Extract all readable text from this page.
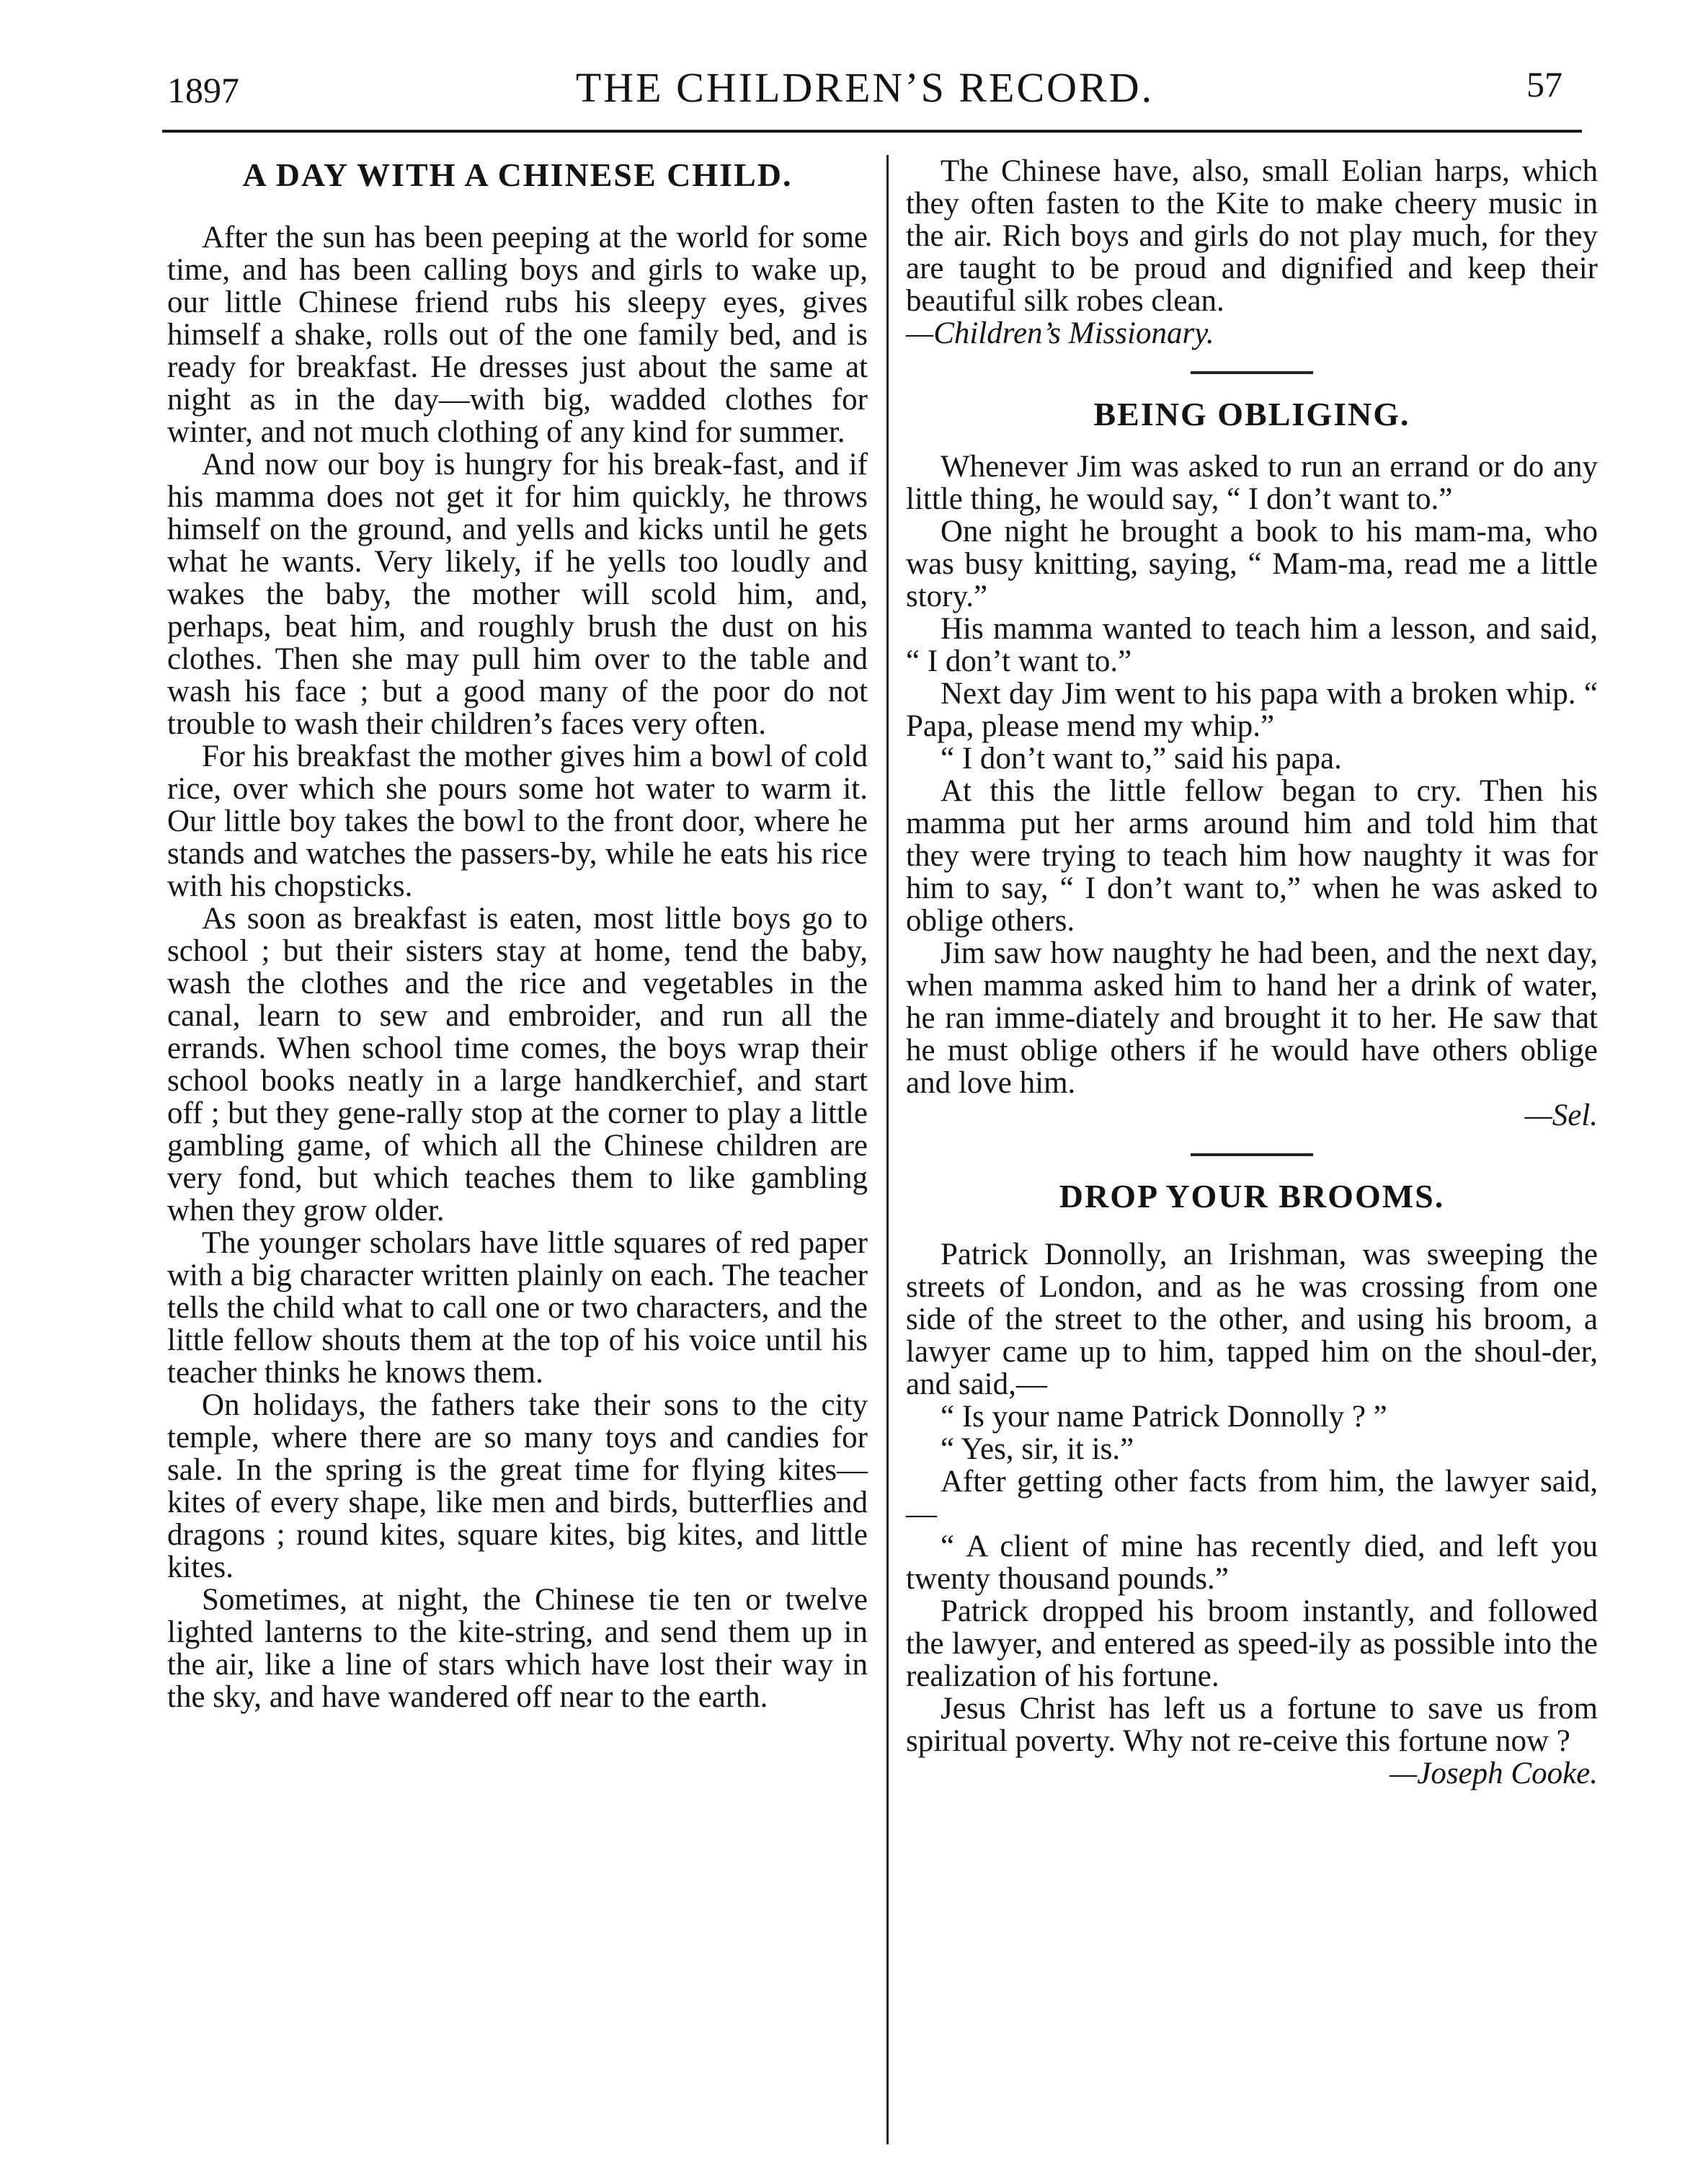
1897	THE CHILDREN’S RECORD.	57
A DAY WITH A CHINESE CHILD.

After the sun has been peeping at the world for some time, and has been calling boys and girls to wake up, our little Chinese friend rubs his sleepy eyes, gives himself a shake, rolls out of the one family bed, and is ready for breakfast. He dresses just about the same at night as in the day—with big, wadded clothes for winter, and not much clothing of any kind for summer.

And now our boy is hungry for his break-fast, and if his mamma does not get it for him quickly, he throws himself on the ground, and yells and kicks until he gets what he wants. Very likely, if he yells too loudly and wakes the baby, the mother will scold him, and, perhaps, beat him, and roughly brush the dust on his clothes. Then she may pull him over to the table and wash his face ; but a good many of the poor do not trouble to wash their children’s faces very often.

For his breakfast the mother gives him a bowl of cold rice, over which she pours some hot water to warm it. Our little boy takes the bowl to the front door, where he stands and watches the passers-by, while he eats his rice with his chopsticks.

As soon as breakfast is eaten, most little boys go to school ; but their sisters stay at home, tend the baby, wash the clothes and the rice and vegetables in the canal, learn to sew and embroider, and run all the errands. When school time comes, the boys wrap their school books neatly in a large handkerchief, and start off ; but they gene-rally stop at the corner to play a little gambling game, of which all the Chinese children are very fond, but which teaches them to like gambling when they grow older.

The younger scholars have little squares of red paper with a big character written plainly on each. The teacher tells the child what to call one or two characters, and the little fellow shouts them at the top of his voice until his teacher thinks he knows them.

On holidays, the fathers take their sons to the city temple, where there are so many toys and candies for sale. In the spring is the great time for flying kites—kites of every shape, like men and birds, butterflies and dragons ; round kites, square kites, big kites, and little kites.

Sometimes, at night, the Chinese tie ten or twelve lighted lanterns to the kite-string, and send them up in the air, like a line of stars which have lost their way in the sky, and have wandered off near to the earth.

The Chinese have, also, small Eolian harps, which they often fasten to the Kite to make cheery music in the air. Rich boys and girls do not play much, for they are taught to be proud and dignified and keep their beautiful silk robes clean.

—Children’s Missionary.

BEING OBLIGING.

Whenever Jim was asked to run an errand or do any little thing, he would say, “ I don’t want to.”

One night he brought a book to his mam-ma, who was busy knitting, saying, “ Mam-ma, read me a little story.”

His mamma wanted to teach him a lesson, and said, “ I don’t want to.”

Next day Jim went to his papa with a broken whip. “ Papa, please mend my whip.”

“ I don’t want to,” said his papa.

At this the little fellow began to cry. Then his mamma put her arms around him and told him that they were trying to teach him how naughty it was for him to say, “ I don’t want to,” when he was asked to oblige others.

Jim saw how naughty he had been, and the next day, when mamma asked him to hand her a drink of water, he ran imme-diately and brought it to her. He saw that he must oblige others if he would have others oblige and love him.

—Sel.

DROP YOUR BROOMS.

Patrick Donnolly, an Irishman, was sweeping the streets of London, and as he was crossing from one side of the street to the other, and using his broom, a lawyer came up to him, tapped him on the shoul-der, and said,—

“ Is your name Patrick Donnolly ? ”

“ Yes, sir, it is.”

After getting other facts from him, the lawyer said,—

“ A client of mine has recently died, and left you twenty thousand pounds.”

Patrick dropped his broom instantly, and followed the lawyer, and entered as speed-ily as possible into the realization of his fortune.

Jesus Christ has left us a fortune to save us from spiritual poverty. Why not re-ceive this fortune now ?

—Joseph Cooke.
